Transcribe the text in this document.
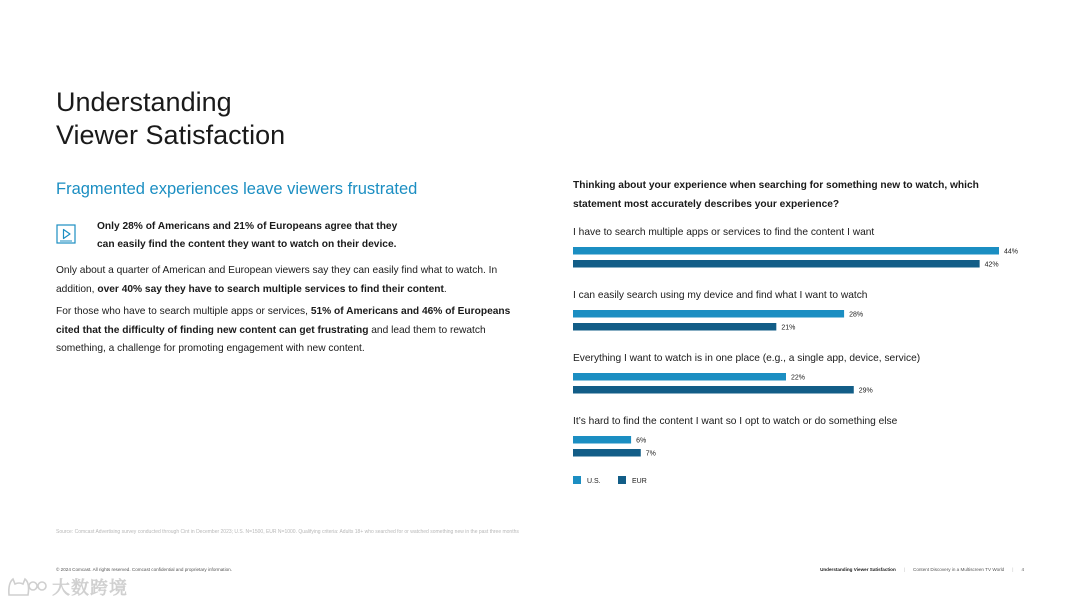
Understanding
Viewer Satisfaction
Fragmented experiences leave viewers frustrated
Only 28% of Americans and 21% of Europeans agree that they
can easily find the content they want to watch on their device.

Only about a quarter of American and European viewers say they can easily find what to watch. In addition, over 40% say they have to search multiple services to find their content.

For those who have to search multiple apps or services, 51% of Americans and 46% of Europeans cited that the difficulty of finding new content can get frustrating and lead them to rewatch something, a challenge for promoting engagement with new content.

Thinking about your experience when searching for something new to watch, which statement most accurately describes your experience?

I have to search multiple apps or services to find the content I want
44%
42%
I can easily search using my device and find what I want to watch
28%
21%
Everything I want to watch is in one place (e.g., a single app, device, service)
22%
29%
It’s hard to find the content I want so I opt to watch or do something else
6%
7%
U.S.	EUR
Source: Comcast Advertising survey conducted through Cint in December 2023; U.S. N=1500, EUR N=1000. Qualifying criteria: Adults 18+ who searched for or watched something new in the past three months
© 2024 Comcast. All rights reserved. Comcast confidential and proprietary information.	Understanding Viewer Satisfaction | Content Discovery in a Multiscreen TV World | 4
大数跨境
